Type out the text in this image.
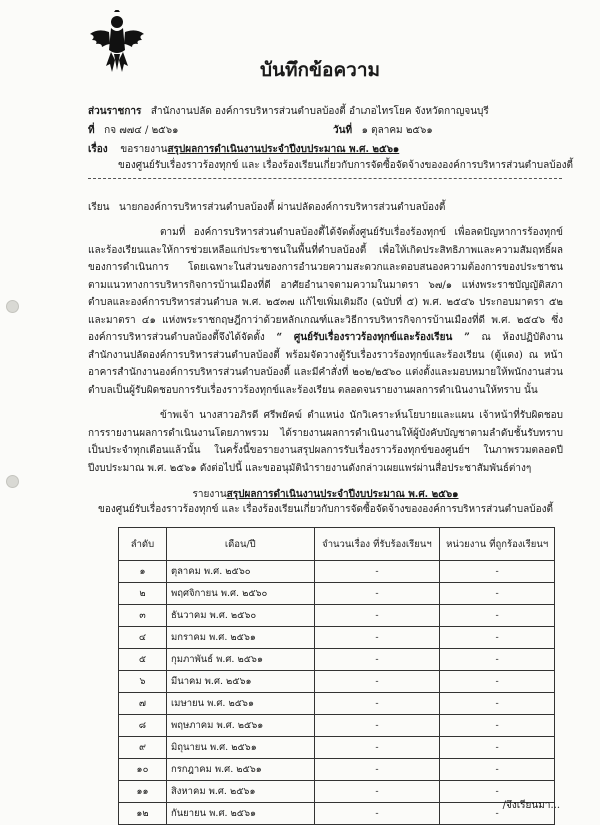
บันทึกข้อความ
ส่วนราชการ สำนักงานปลัด องค์การบริหารส่วนตำบลบ้องตี้ อำเภอไทรโยค จังหวัดกาญจนบุรี
ที่ กจ ๗๗๔ / ๒๕๖๑	วันที่ ๑ ตุลาคม ๒๕๖๑
เรื่อง ขอรายงานสรุปผลการดำเนินงานประจำปีงบประมาณ พ.ศ. ๒๕๖๑
ของศูนย์รับเรื่องราวร้องทุกข์ และ เรื่องร้องเรียนเกี่ยวกับการจัดซื้อจัดจ้างขององค์การบริหารส่วนตำบลบ้องตี้
เรียน นายกองค์การบริหารส่วนตำบลบ้องตี้ ผ่านปลัดองค์การบริหารส่วนตำบลบ้องตี้

ตามที่ องค์การบริหารส่วนตำบลบ้องตี้ได้จัดตั้งศูนย์รับเรื่องร้องทุกข์ เพื่อลดปัญหาการร้องทุกข์และร้องเรียนและให้การช่วยเหลือแก่ประชาชนในพื้นที่ตำบลบ้องตี้ เพื่อให้เกิดประสิทธิภาพและความสัมฤทธิ์ผลของการดำเนินการ โดยเฉพาะในส่วนของการอำนวยความสะดวกและตอบสนองความต้องการของประชาชนตามแนวทางการบริหารกิจการบ้านเมืองที่ดี อาศัยอำนาจตามความในมาตรา ๖๗/๑ แห่งพระราชบัญญัติสภาตำบลและองค์การบริหารส่วนตำบล พ.ศ. ๒๕๓๗ แก้ไขเพิ่มเติมถึง (ฉบับที่ ๕) พ.ศ. ๒๕๔๖ ประกอบมาตรา ๕๒ และมาตรา ๔๑ แห่งพระราชกฤษฎีกาว่าด้วยหลักเกณฑ์และวิธีการบริหารกิจการบ้านเมืองที่ดี พ.ศ. ๒๕๔๖ ซึ่งองค์การบริหารส่วนตำบลบ้องตี้จึงได้จัดตั้ง “ ศูนย์รับเรื่องราวร้องทุกข์และร้องเรียน ” ณ ห้องปฏิบัติงาน สำนักงานปลัดองค์การบริหารส่วนตำบลบ้องตี้ พร้อมจัดวางตู้รับเรื่องราวร้องทุกข์และร้องเรียน (ตู้แดง) ณ หน้าอาคารสำนักงานองค์การบริหารส่วนตำบลบ้องตี้ และมีคำสั่งที่ ๒๐๒/๒๕๖๐ แต่งตั้งและมอบหมายให้พนักงานส่วนตำบลเป็นผู้รับผิดชอบการรับเรื่องราวร้องทุกข์และร้องเรียน ตลอดจนรายงานผลการดำเนินงานให้ทราบ นั้น

ข้าพเจ้า นางสาวอภิรดี ศรีพยัคฆ์ ตำแหน่ง นักวิเคราะห์นโยบายและแผน เจ้าหน้าที่รับผิดชอบการรายงานผลการดำเนินงานโดยภาพรวม ได้รายงานผลการดำเนินงานให้ผู้บังคับบัญชาตามลำดับชั้นรับทราบเป็นประจำทุกเดือนแล้วนั้น ในครั้งนี้ขอรายงานสรุปผลการรับเรื่องราวร้องทุกข์ของศูนย์ฯ ในภาพรวมตลอดปีปีงบประมาณ พ.ศ. ๒๕๖๑ ดังต่อไปนี้ และขออนุมัตินำรายงานดังกล่าวเผยแพร่ผ่านสื่อประชาสัมพันธ์ต่างๆ

รายงานสรุปผลการดำเนินงานประจำปีงบประมาณ พ.ศ. ๒๕๖๑
ของศูนย์รับเรื่องราวร้องทุกข์ และ เรื่องร้องเรียนเกี่ยวกับการจัดซื้อจัดจ้างขององค์การบริหารส่วนตำบลบ้องตี้
ลำดับ	เดือน/ปี	จำนวนเรื่อง ที่รับร้องเรียนฯ	หน่วยงาน ที่ถูกร้องเรียนฯ
๑	ตุลาคม พ.ศ. ๒๕๖๐	-	-
๒	พฤศจิกายน พ.ศ. ๒๕๖๐	-	-
๓	ธันวาคม พ.ศ. ๒๕๖๐	-	-
๔	มกราคม พ.ศ. ๒๕๖๑	-	-
๕	กุมภาพันธ์ พ.ศ. ๒๕๖๑	-	-
๖	มีนาคม พ.ศ. ๒๕๖๑	-	-
๗	เมษายน พ.ศ. ๒๕๖๑	-	-
๘	พฤษภาคม พ.ศ. ๒๕๖๑	-	-
๙	มิถุนายน พ.ศ. ๒๕๖๑	-	-
๑๐	กรกฎาคม พ.ศ. ๒๕๖๑	-	-
๑๑	สิงหาคม พ.ศ. ๒๕๖๑	-	-
๑๒	กันยายน พ.ศ. ๒๕๖๑	-	-
/จึงเรียนมา...
